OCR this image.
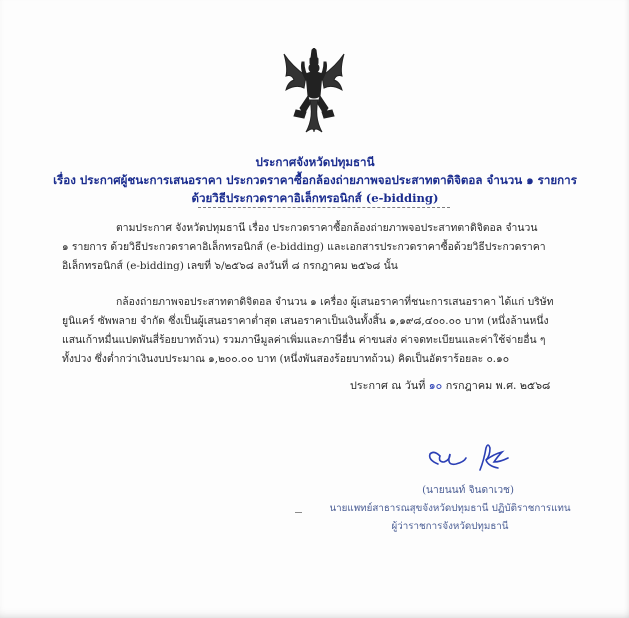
ประกาศจังหวัดปทุมธานี
เรื่อง ประกาศผู้ชนะการเสนอราคา ประกวดราคาซื้อกล้องถ่ายภาพจอประสาทตาดิจิตอล จำนวน ๑ รายการ
ด้วยวิธีประกวดราคาอิเล็กทรอนิกส์ (e-bidding)
ตามประกาศ จังหวัดปทุมธานี เรื่อง ประกวดราคาซื้อกล้องถ่ายภาพจอประสาทตาดิจิตอล จำนวน
๑ รายการ ด้วยวิธีประกวดราคาอิเล็กทรอนิกส์ (e-bidding) และเอกสารประกวดราคาซื้อด้วยวิธีประกวดราคา
อิเล็กทรอนิกส์ (e-bidding) เลขที่ ๖/๒๕๖๘ ลงวันที่ ๘ กรกฎาคม ๒๕๖๘ นั้น
กล้องถ่ายภาพจอประสาทตาดิจิตอล จำนวน ๑ เครื่อง ผู้เสนอราคาที่ชนะการเสนอราคา ได้แก่ บริษัท
ยูนิแคร์ ซัพพลาย จำกัด ซึ่งเป็นผู้เสนอราคาต่ำสุด เสนอราคาเป็นเงินทั้งสิ้น ๑,๑๙๘,๔๐๐.๐๐ บาท (หนึ่งล้านหนึ่ง
แสนเก้าหมื่นแปดพันสี่ร้อยบาทถ้วน) รวมภาษีมูลค่าเพิ่มและภาษีอื่น ค่าขนส่ง ค่าจดทะเบียนและค่าใช้จ่ายอื่น ๆ
ทั้งปวง ซึ่งต่ำกว่าเงินงบประมาณ ๑,๒๐๐.๐๐ บาท (หนึ่งพันสองร้อยบาทถ้วน) คิดเป็นอัตราร้อยละ ๐.๑๐
ประกาศ ณ วันที่ ๑๐ กรกฎาคม พ.ศ. ๒๕๖๘
(นายนนท์ จินดาเวช)
นายแพทย์สาธารณสุขจังหวัดปทุมธานี ปฏิบัติราชการแทน
ผู้ว่าราชการจังหวัดปทุมธานี
